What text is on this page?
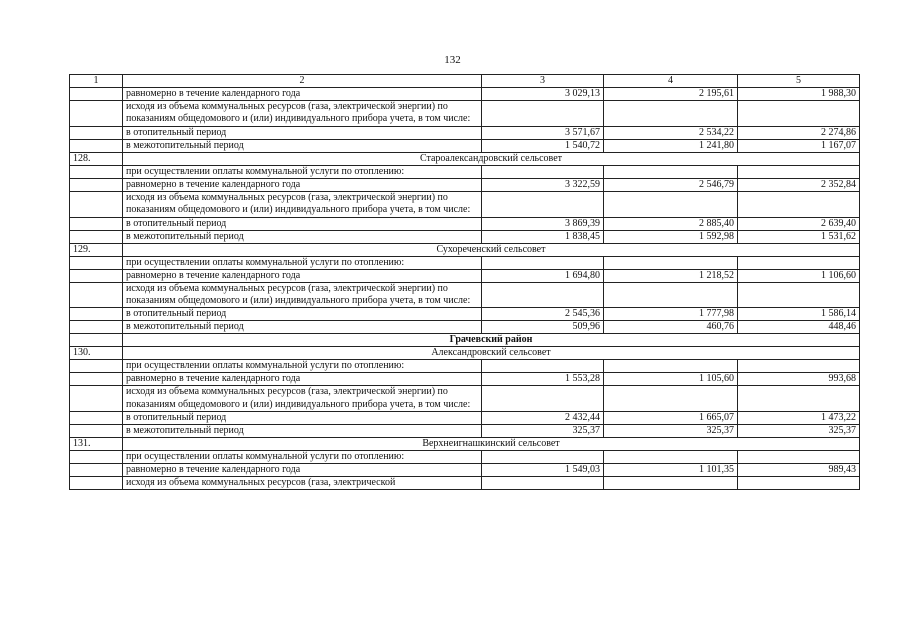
132
1	2	3	4	5
	равномерно в течение календарного года	3 029,13	2 195,61	1 988,30
	исходя из объема коммунальных ресурсов (газа, электрической энергии) по показаниям общедомового и (или) индивидуального прибора учета, в том числе:			
	в отопительный период	3 571,67	2 534,22	2 274,86
	в межотопительный период	1 540,72	1 241,80	1 167,07
128.	Староалександровский сельсовет			
	при осуществлении оплаты коммунальной услуги по отоплению:			
	равномерно в течение календарного года	3 322,59	2 546,79	2 352,84
	исходя из объема коммунальных ресурсов (газа, электрической энергии) по показаниям общедомового и (или) индивидуального прибора учета, в том числе:			
	в отопительный период	3 869,39	2 885,40	2 639,40
	в межотопительный период	1 838,45	1 592,98	1 531,62
129.	Сухореченский сельсовет			
	при осуществлении оплаты коммунальной услуги по отоплению:			
	равномерно в течение календарного года	1 694,80	1 218,52	1 106,60
	исходя из объема коммунальных ресурсов (газа, электрической энергии) по показаниям общедомового и (или) индивидуального прибора учета, в том числе:			
	в отопительный период	2 545,36	1 777,98	1 586,14
	в межотопительный период	509,96	460,76	448,46
	Грачевский район			
130.	Александровский сельсовет			
	при осуществлении оплаты коммунальной услуги по отоплению:			
	равномерно в течение календарного года	1 553,28	1 105,60	993,68
	исходя из объема коммунальных ресурсов (газа, электрической энергии) по показаниям общедомового и (или) индивидуального прибора учета, в том числе:			
	в отопительный период	2 432,44	1 665,07	1 473,22
	в межотопительный период	325,37	325,37	325,37
131.	Верхнеигнашкинский сельсовет			
	при осуществлении оплаты коммунальной услуги по отоплению:			
	равномерно в течение календарного года	1 549,03	1 101,35	989,43
	исходя из объема коммунальных ресурсов (газа, электрической			
